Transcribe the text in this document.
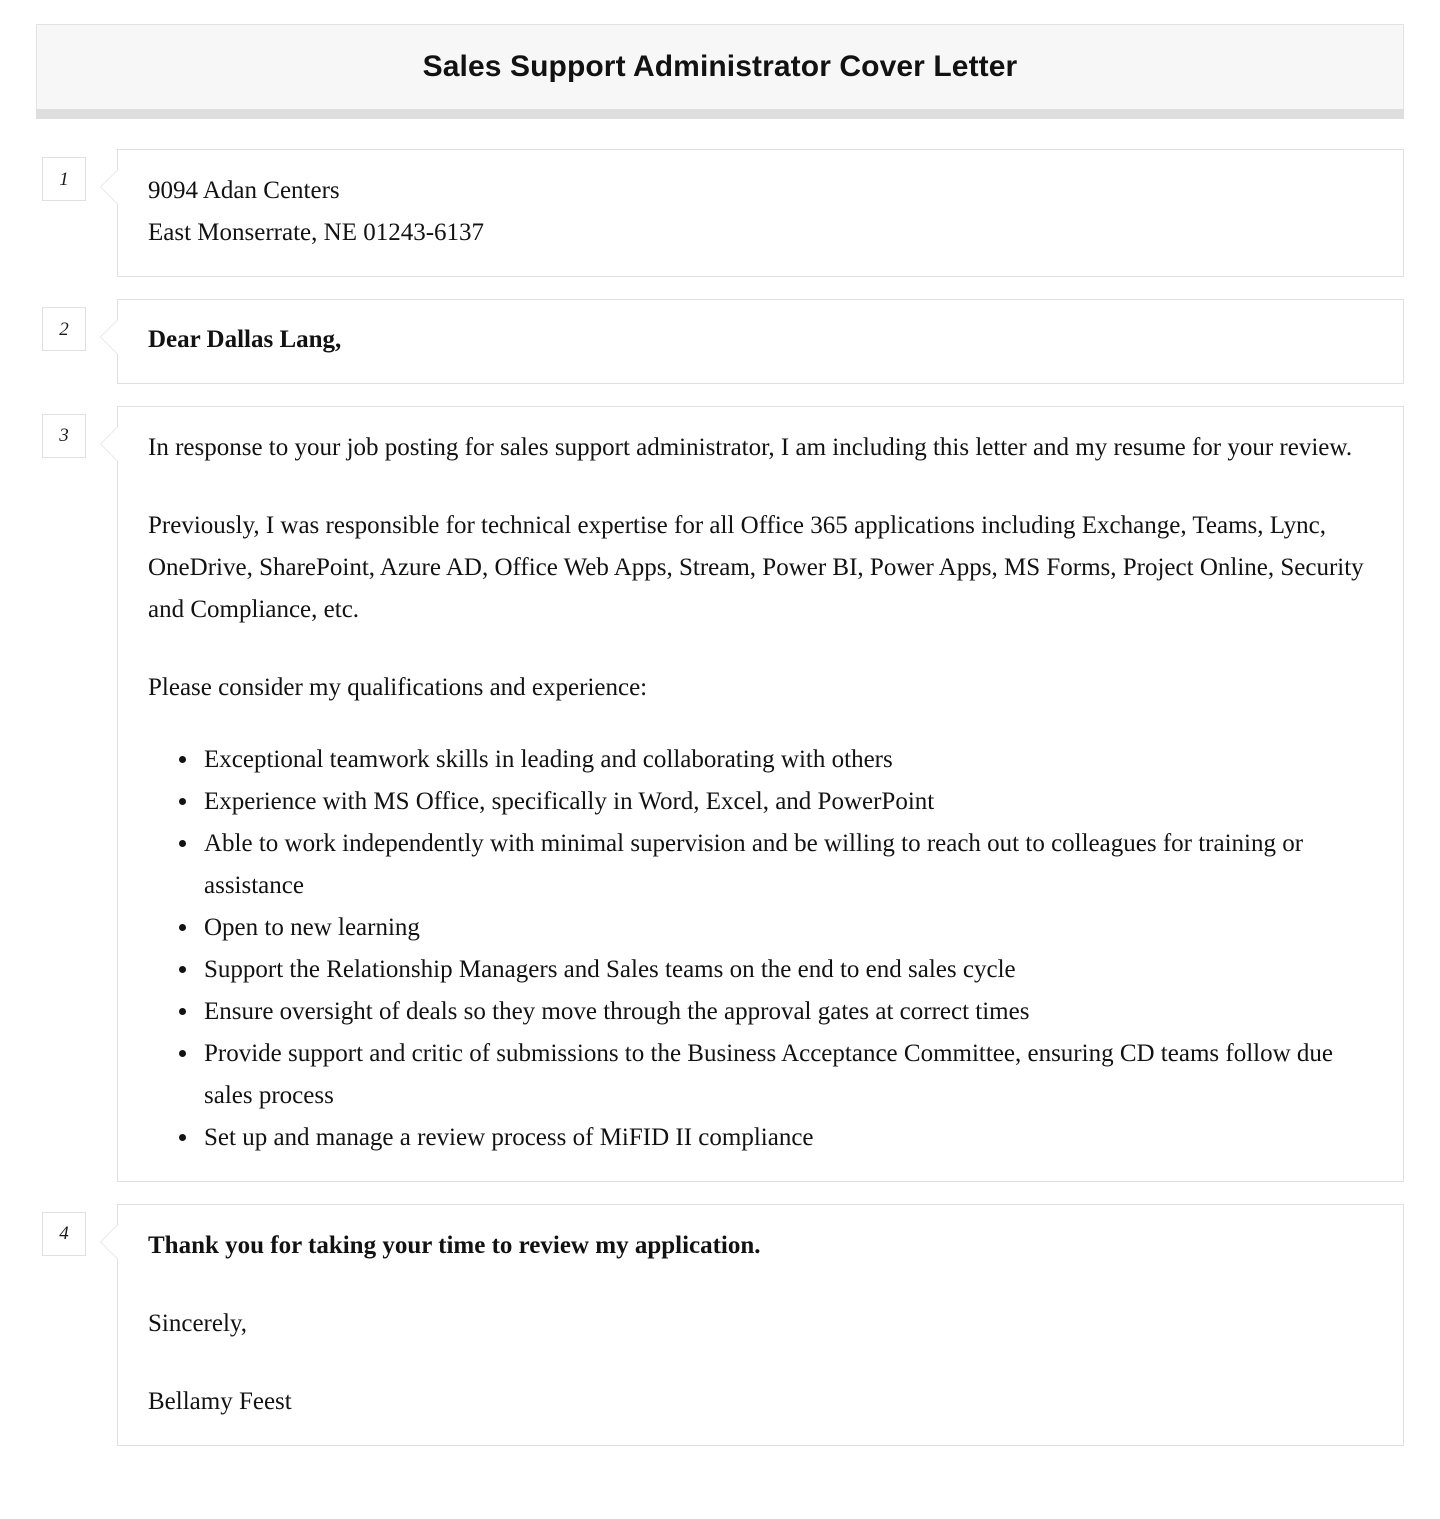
Sales Support Administrator Cover Letter
1	9094 Adan Centers
East Monserrate, NE 01243-6137
2	Dear Dallas Lang,
3	In response to your job posting for sales support administrator, I am including this letter and my resume for your review.

Previously, I was responsible for technical expertise for all Office 365 applications including Exchange, Teams, Lync, OneDrive, SharePoint, Azure AD, Office Web Apps, Stream, Power BI, Power Apps, MS Forms, Project Online, Security and Compliance, etc.

Please consider my qualifications and experience:

• Exceptional teamwork skills in leading and collaborating with others
• Experience with MS Office, specifically in Word, Excel, and PowerPoint
• Able to work independently with minimal supervision and be willing to reach out to colleagues for training or assistance
• Open to new learning
• Support the Relationship Managers and Sales teams on the end to end sales cycle
• Ensure oversight of deals so they move through the approval gates at correct times
• Provide support and critic of submissions to the Business Acceptance Committee, ensuring CD teams follow due sales process
• Set up and manage a review process of MiFID II compliance
4	Thank you for taking your time to review my application.

Sincerely,

Bellamy Feest
